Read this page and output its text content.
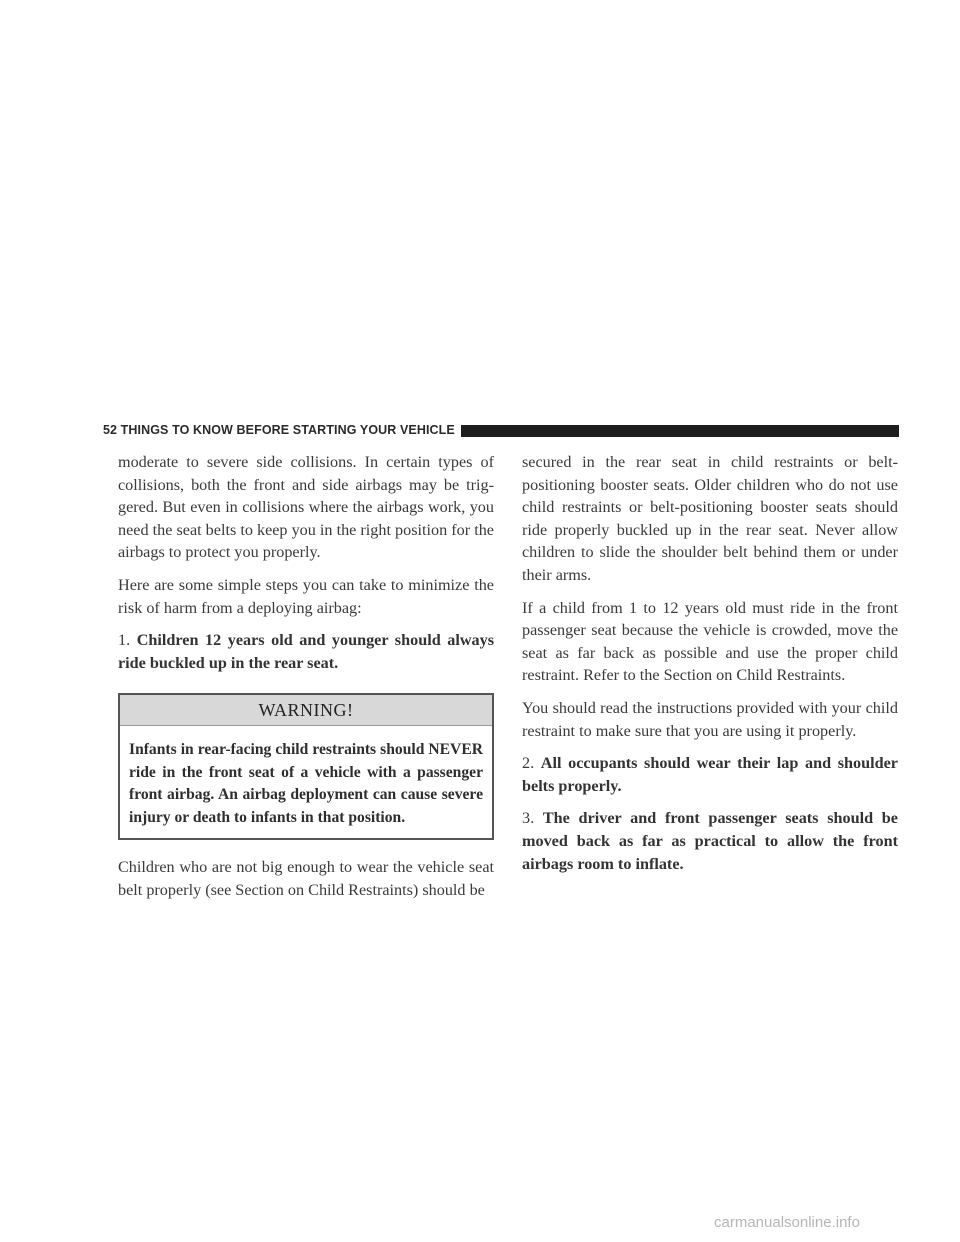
52 THINGS TO KNOW BEFORE STARTING YOUR VEHICLE

moderate to severe side collisions. In certain types of collisions, both the front and side airbags may be trig- gered. But even in collisions where the airbags work, you need the seat belts to keep you in the right position for the airbags to protect you properly.

Here are some simple steps you can take to minimize the risk of harm from a deploying airbag:

1. Children 12 years old and younger should always ride buckled up in the rear seat.

WARNING!
Infants in rear-facing child restraints should NEVER ride in the front seat of a vehicle with a passenger front airbag. An airbag deployment can cause severe injury or death to infants in that position.

Children who are not big enough to wear the vehicle seat belt properly (see Section on Child Restraints) should be

secured in the rear seat in child restraints or belt- positioning booster seats. Older children who do not use child restraints or belt-positioning booster seats should ride properly buckled up in the rear seat. Never allow children to slide the shoulder belt behind them or under their arms.

If a child from 1 to 12 years old must ride in the front passenger seat because the vehicle is crowded, move the seat as far back as possible and use the proper child restraint. Refer to the Section on Child Restraints.

You should read the instructions provided with your child restraint to make sure that you are using it properly.

2. All occupants should wear their lap and shoulder belts properly.

3. The driver and front passenger seats should be moved back as far as practical to allow the front airbags room to inflate.

carmanualsonline.info
